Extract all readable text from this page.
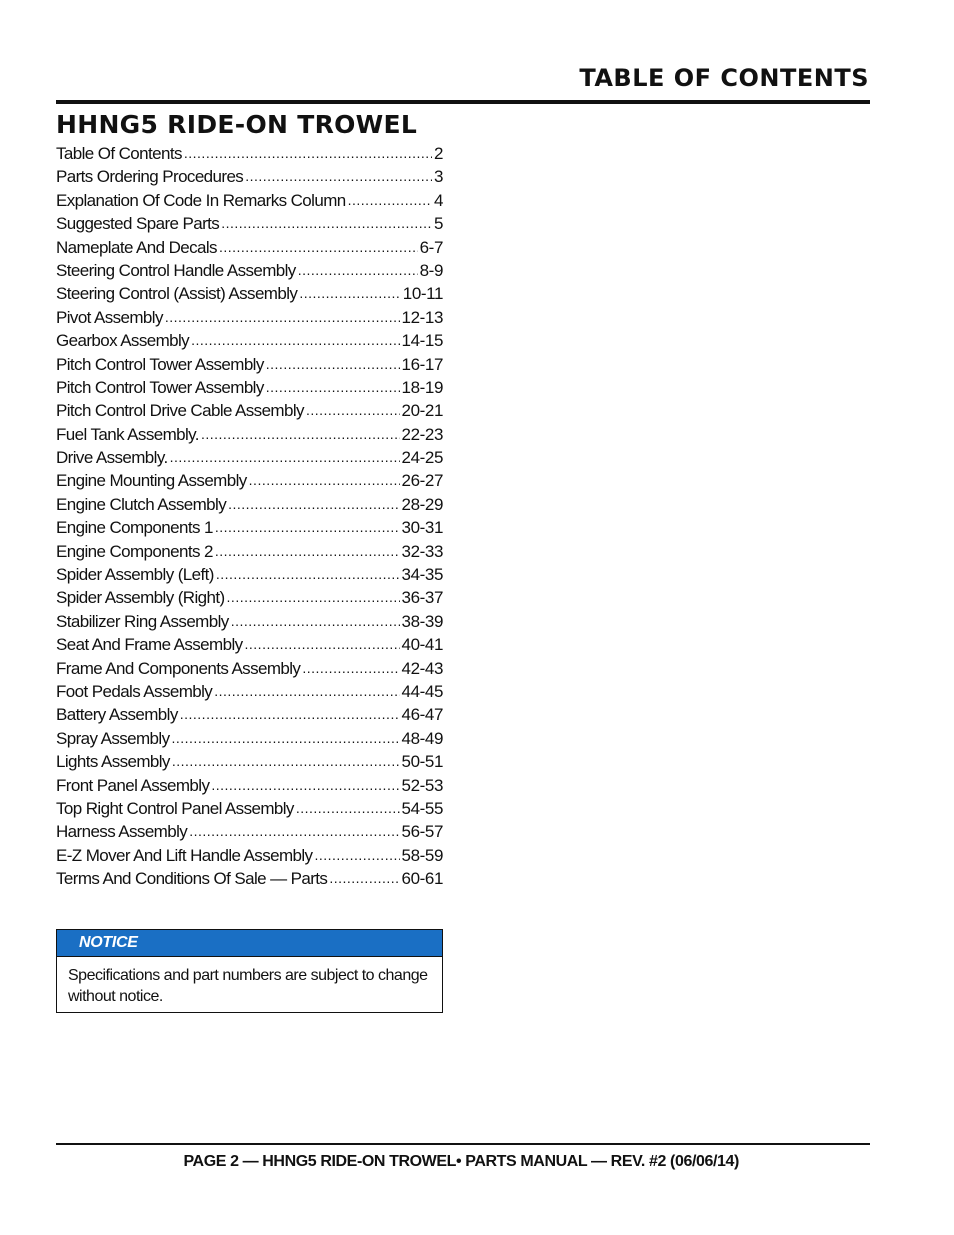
TABLE OF CONTENTS
HHNG5 RIDE-ON TROWEL
Table Of Contents .....	2
Parts Ordering Procedures .....	3
Explanation Of Code In Remarks Column .....	4
Suggested Spare Parts .....	5
Nameplate And Decals .....	6-7
Steering Control Handle Assembly .....	8-9
Steering Control (Assist) Assembly .....	10-11
Pivot Assembly .....	12-13
Gearbox Assembly .....	14-15
Pitch Control Tower Assembly .....	16-17
Pitch Control Tower Assembly .....	18-19
Pitch Control Drive Cable Assembly .....	20-21
Fuel Tank Assembly. .....	22-23
Drive Assembly. .....	24-25
Engine Mounting Assembly .....	26-27
Engine Clutch Assembly .....	28-29
Engine Components 1 .....	30-31
Engine Components 2 .....	32-33
Spider Assembly (Left) .....	34-35
Spider Assembly (Right) .....	36-37
Stabilizer Ring Assembly .....	38-39
Seat And Frame Assembly .....	40-41
Frame And Components Assembly .....	42-43
Foot Pedals Assembly .....	44-45
Battery Assembly .....	46-47
Spray Assembly .....	48-49
Lights Assembly .....	50-51
Front Panel Assembly .....	52-53
Top Right Control Panel Assembly .....	54-55
Harness Assembly .....	56-57
E-Z Mover And Lift Handle Assembly .....	58-59
Terms And Conditions Of Sale — Parts .....	60-61
NOTICE
Specifications and part numbers are subject to change without notice.
PAGE 2 — HHNG5 RIDE-ON TROWEL• PARTS MANUAL — REV. #2 (06/06/14)
